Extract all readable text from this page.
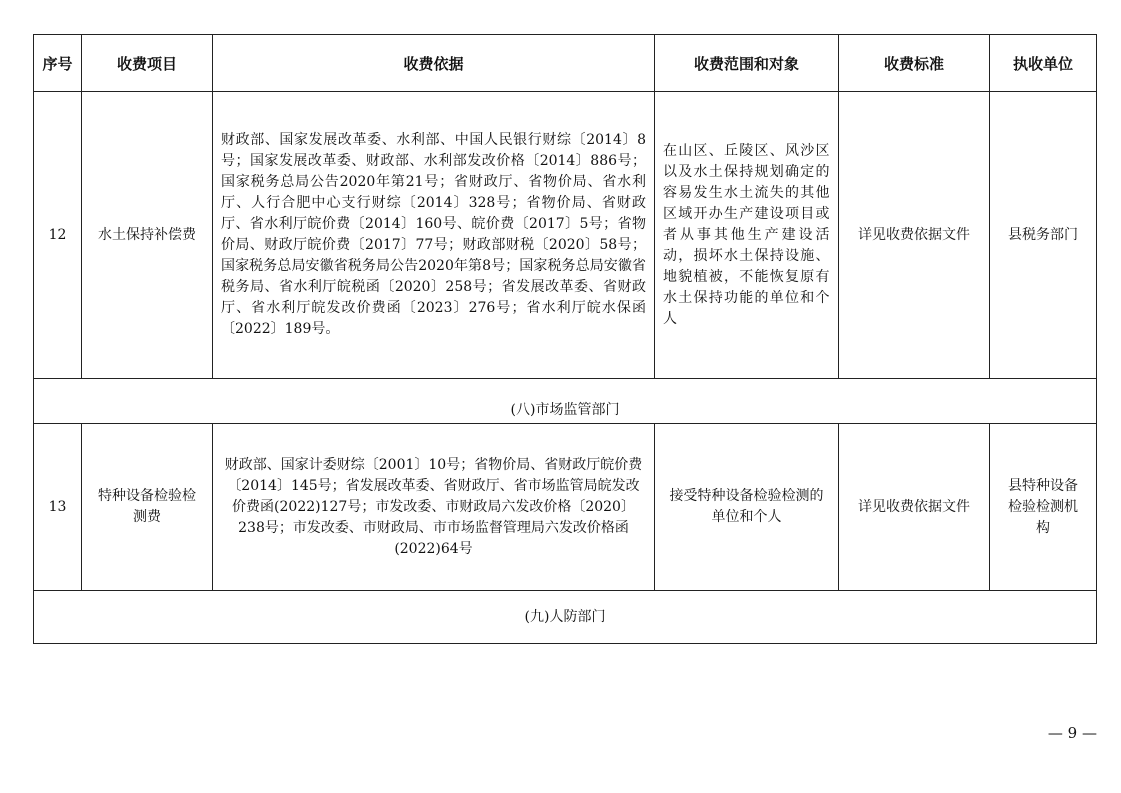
序号	收费项目	收费依据	收费范围和对象	收费标准	执收单位
12	水土保持补偿费	财政部、国家发展改革委、水利部、中国人民银行财综〔2014〕8号；国家发展改革委、财政部、水利部发改价格〔2014〕886号；国家税务总局公告2020年第21号；省财政厅、省物价局、省水利厅、人行合肥中心支行财综〔2014〕328号；省物价局、省财政厅、省水利厅皖价费〔2014〕160号、皖价费〔2017〕5号；省物价局、财政厅皖价费〔2017〕77号；财政部财税〔2020〕58号；国家税务总局安徽省税务局公告2020年第8号；国家税务总局安徽省税务局、省水利厅皖税函〔2020〕258号；省发展改革委、省财政厅、省水利厅皖发改价费函〔2023〕276号；省水利厅皖水保函〔2022〕189号。	在山区、丘陵区、风沙区以及水土保持规划确定的容易发生水土流失的其他区域开办生产建设项目或者从事其他生产建设活动，损坏水土保持设施、地貌植被，不能恢复原有水土保持功能的单位和个人	详见收费依据文件	县税务部门
(八)市场监管部门					
13	特种设备检验检测费	财政部、国家计委财综〔2001〕10号；省物价局、省财政厅皖价费〔2014〕145号；省发展改革委、省财政厅、省市场监管局皖发改价费函(2022)127号；市发改委、市财政局六发改价格〔2020〕238号；市发改委、市财政局、市市场监督管理局六发改价格函(2022)64号	接受特种设备检验检测的单位和个人	详见收费依据文件	县特种设备检验检测机构
(九)人防部门					
— 9 —
